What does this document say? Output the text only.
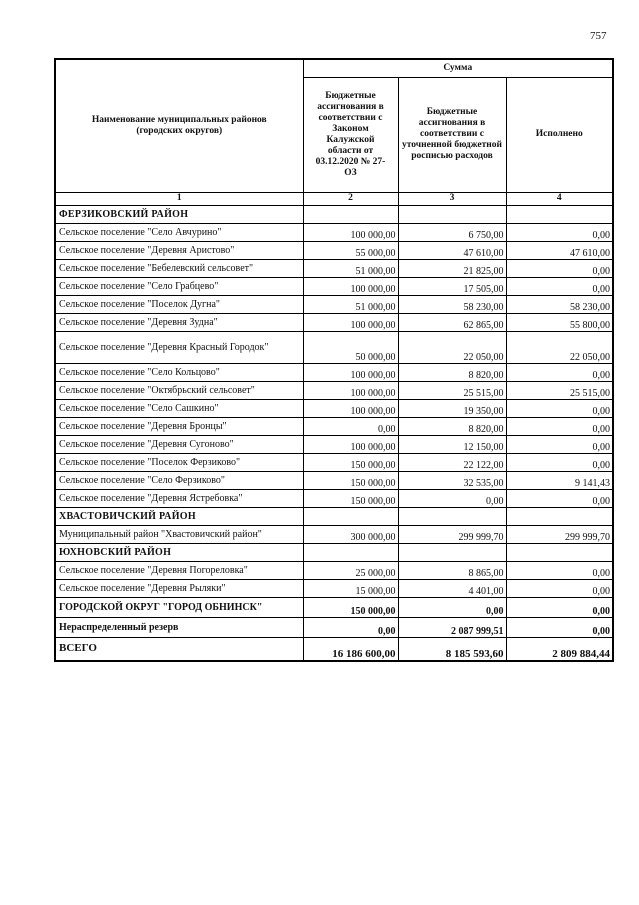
757
Наименование муниципальных районов (городских округов)	Сумма		
	Бюджетные ассигнования в соответствии с Законом Калужской области от 03.12.2020 № 27-ОЗ	Бюджетные ассигнования в соответствии с уточненной бюджетной росписью расходов	Исполнено
1	2	3	4
ФЕРЗИКОВСКИЙ РАЙОН			
Сельское поселение "Село Авчурино"	100 000,00	6 750,00	0,00
Сельское поселение "Деревня Аристово"	55 000,00	47 610,00	47 610,00
Сельское поселение "Бебелевский сельсовет"	51 000,00	21 825,00	0,00
Сельское поселение "Село Грабцево"	100 000,00	17 505,00	0,00
Сельское поселение "Поселок Дугна"	51 000,00	58 230,00	58 230,00
Сельское поселение "Деревня Зудна"	100 000,00	62 865,00	55 800,00
Сельское поселение "Деревня Красный Городок"	50 000,00	22 050,00	22 050,00
Сельское поселение "Село Кольцово"	100 000,00	8 820,00	0,00
Сельское поселение "Октябрьский сельсовет"	100 000,00	25 515,00	25 515,00
Сельское поселение "Село Сашкино"	100 000,00	19 350,00	0,00
Сельское поселение "Деревня Бронцы"	0,00	8 820,00	0,00
Сельское поселение "Деревня Сугоново"	100 000,00	12 150,00	0,00
Сельское поселение "Поселок Ферзиково"	150 000,00	22 122,00	0,00
Сельское поселение "Село Ферзиково"	150 000,00	32 535,00	9 141,43
Сельское поселение "Деревня Ястребовка"	150 000,00	0,00	0,00
ХВАСТОВИЧСКИЙ РАЙОН			
Муниципальный район "Хвастовичский район"	300 000,00	299 999,70	299 999,70
ЮХНОВСКИЙ РАЙОН			
Сельское поселение "Деревня Погореловка"	25 000,00	8 865,00	0,00
Сельское поселение "Деревня Рыляки"	15 000,00	4 401,00	0,00
ГОРОДСКОЙ ОКРУГ "ГОРОД ОБНИНСК"	150 000,00	0,00	0,00
Нераспределенный резерв	0,00	2 087 999,51	0,00
ВСЕГО	16 186 600,00	8 185 593,60	2 809 884,44
